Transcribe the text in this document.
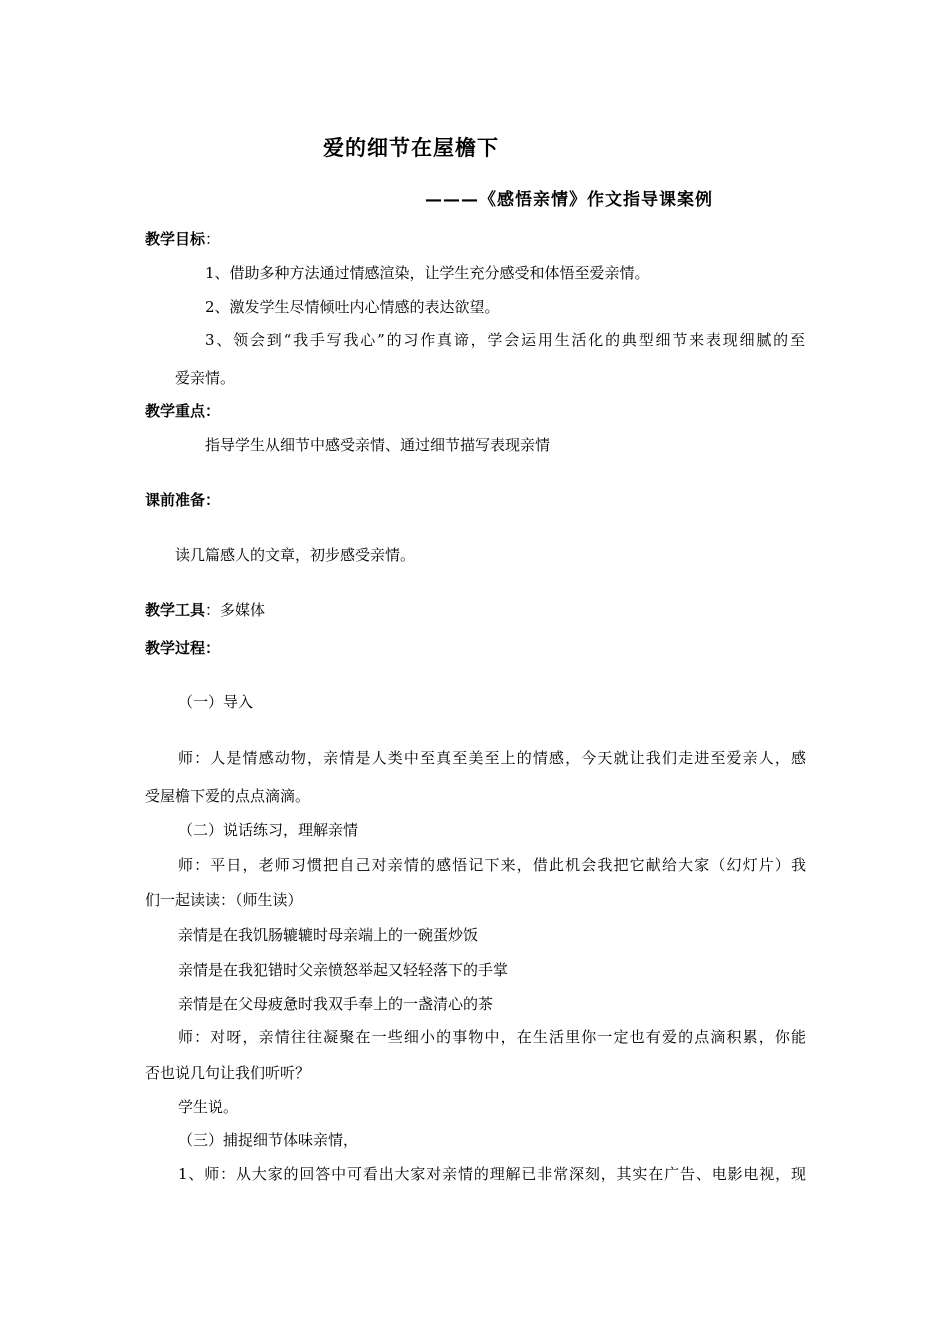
爱的细节在屋檐下
———《感悟亲情》作文指导课案例
教学目标：
1、借助多种方法通过情感渲染，让学生充分感受和体悟至爱亲情。
2、激发学生尽情倾吐内心情感的表达欲望。
3、领会到“我手写我心”的习作真谛，学会运用生活化的典型细节来表现细腻的至
爱亲情。
教学重点：
指导学生从细节中感受亲情、通过细节描写表现亲情
课前准备：
读几篇感人的文章，初步感受亲情。
教学工具：多媒体
教学过程：
（一）导入
师：人是情感动物，亲情是人类中至真至美至上的情感，今天就让我们走进至爱亲人，感
受屋檐下爱的点点滴滴。
（二）说话练习，理解亲情
师：平日，老师习惯把自己对亲情的感悟记下来，借此机会我把它献给大家（幻灯片）我
们一起读读：（师生读）
亲情是在我饥肠辘辘时母亲端上的一碗蛋炒饭
亲情是在我犯错时父亲愤怒举起又轻轻落下的手掌
亲情是在父母疲惫时我双手奉上的一盏清心的茶
师：对呀，亲情往往凝聚在一些细小的事物中，在生活里你一定也有爱的点滴积累，你能
否也说几句让我们听听？
学生说。
（三）捕捉细节体味亲情，
1、师：从大家的回答中可看出大家对亲情的理解已非常深刻，其实在广告、电影电视，现
